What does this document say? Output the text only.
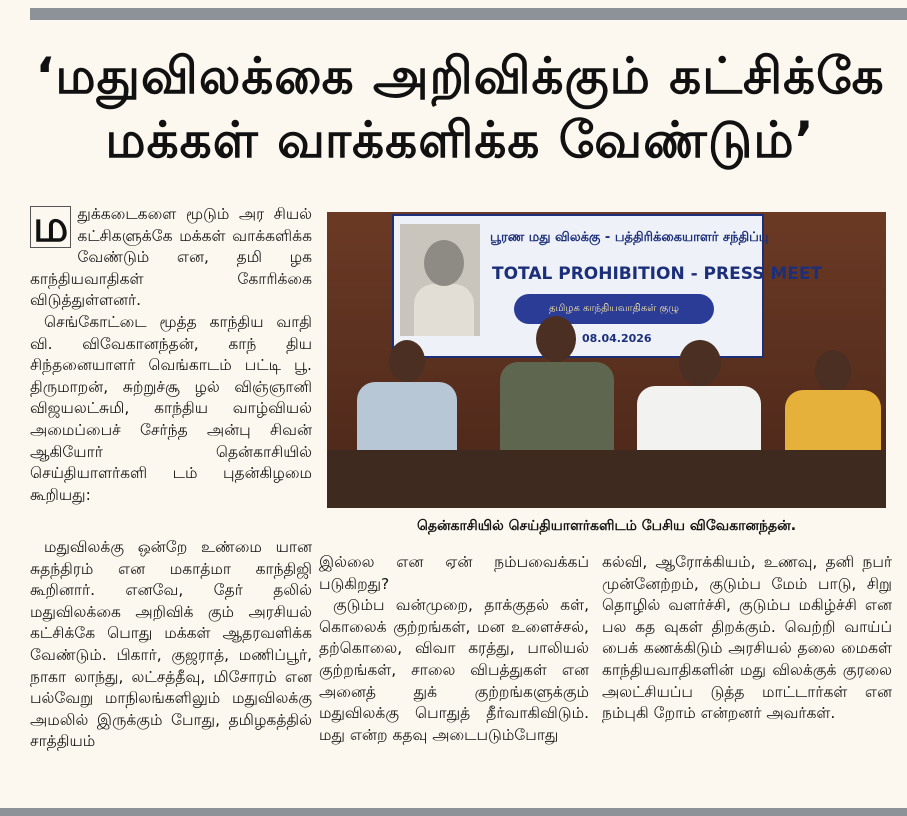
‘மதுவிலக்கை அறிவிக்கும் கட்சிக்கே
மக்கள் வாக்களிக்க வேண்டும்’

ம துக்கடைகளை மூடும் அர சியல் கட்சிகளுக்கே மக்கள் வாக்களிக்க வேண்டும் என, தமி ழக காந்தியவாதிகள் கோரிக்கை விடுத்துள்ளனர்.

செங்கோட்டை மூத்த காந்திய வாதி வி. விவேகானந்தன், காந் திய சிந்தனையாளர் வெங்காடம் பட்டி பூ. திருமாறன், சுற்றுச்சூ ழல் விஞ்ஞானி விஜயலட்சுமி, காந்திய வாழ்வியல் அமைப்பைச் சேர்ந்த அன்பு சிவன் ஆகியோர் தென்காசியில் செய்தியாளர்களி டம் புதன்கிழமை கூறியது:

மதுவிலக்கு ஒன்றே உண்மை யான சுதந்திரம் என மகாத்மா காந்திஜி கூறினார். எனவே, தேர் தலில் மதுவிலக்கை அறிவிக் கும் அரசியல் கட்சிக்கே பொது மக்கள் ஆதரவளிக்க வேண்டும். பிகார், குஜராத், மணிப்பூர், நாகா லாந்து, லட்சத்தீவு, மிசோரம் என பல்வேறு மாநிலங்களிலும் மதுவிலக்கு அமலில் இருக்கும் போது, தமிழகத்தில் சாத்தியம்

பூரண மது விலக்கு - பத்திரிக்கையாளர் சந்திப்பு
TOTAL PROHIBITION - PRESS MEET
தமிழக காந்தியவாதிகள் குழு
08.04.2026
தென்காசியில் செய்தியாளர்களிடம் பேசிய விவேகானந்தன்.

இல்லை என ஏன் நம்பவைக்கப் படுகிறது?

குடும்ப வன்முறை, தாக்குதல் கள், கொலைக் குற்றங்கள், மன உளைச்சல், தற்கொலை, விவா கரத்து, பாலியல் குற்றங்கள், சாலை விபத்துகள் என அனைத் துக் குற்றங்களுக்கும் மதுவிலக்கு பொதுத் தீர்வாகிவிடும். மது என்ற கதவு அடைபடும்போது

கல்வி, ஆரோக்கியம், உணவு, தனி நபர் முன்னேற்றம், குடும்ப மேம் பாடு, சிறு தொழில் வளர்ச்சி, குடும்ப மகிழ்ச்சி என பல கத வுகள் திறக்கும். வெற்றி வாய்ப் பைக் கணக்கிடும் அரசியல் தலை மைகள் காந்தியவாதிகளின் மது விலக்குக் குரலை அலட்சியப்ப டுத்த மாட்டார்கள் என நம்புகி றோம் என்றனர் அவர்கள்.
